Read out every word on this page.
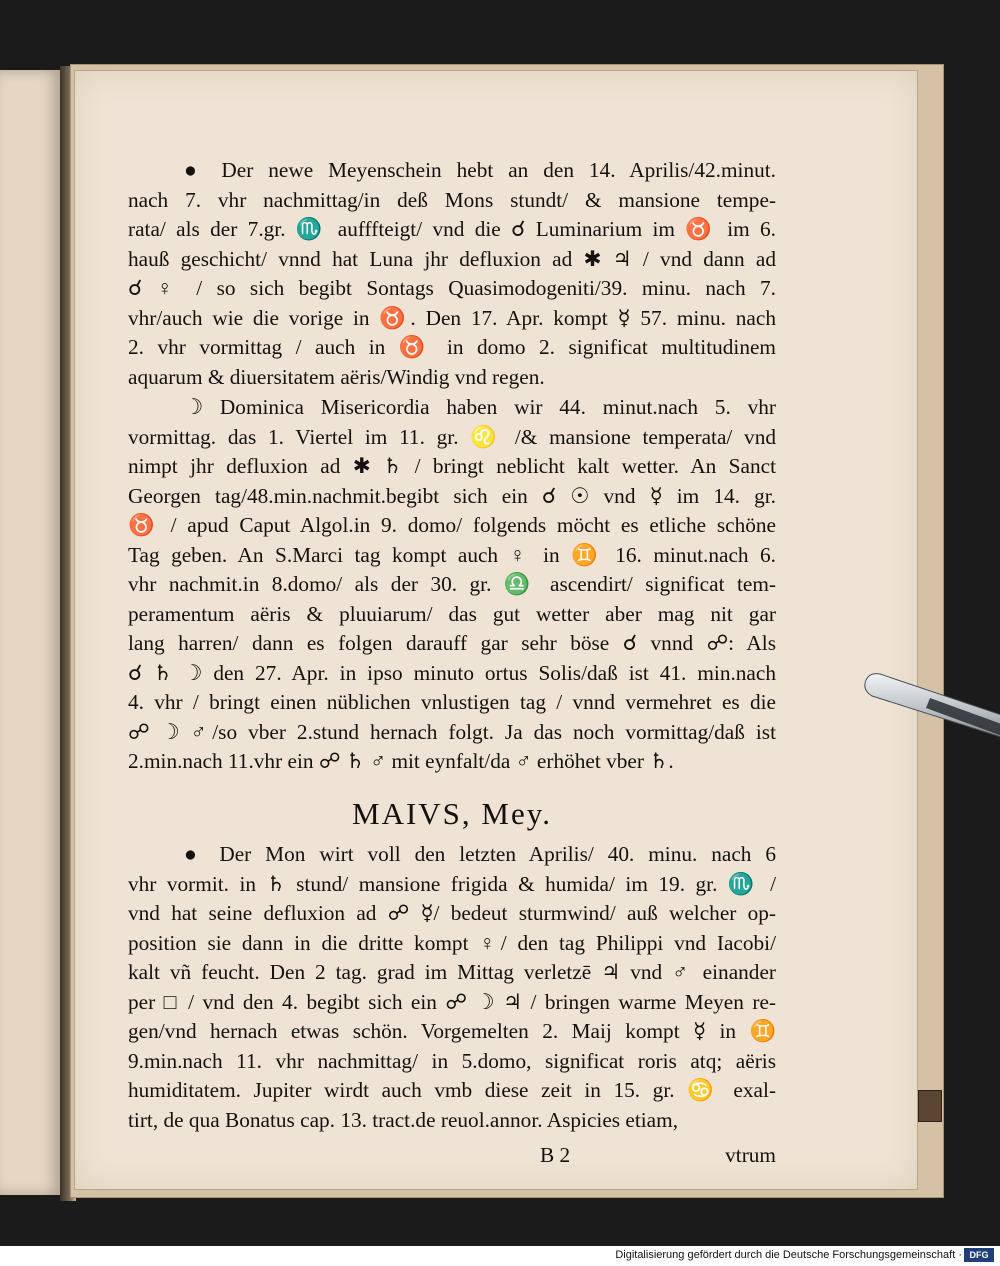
● Der newe Meyenschein hebt an den 14. Aprilis/42.minut.
nach 7. vhr nachmittag/in deß Mons stundt/ & mansione tempe-
rata/ als der 7.gr. ♏ aufffteigt/ vnd die ☌ Luminarium im ♉ im 6.
hauß geschicht/ vnnd hat Luna jhr defluxion ad ✱ ♃ / vnd dann ad
☌ ♀ / so sich begibt Sontags Quasimodogeniti/39. minu. nach 7.
vhr/auch wie die vorige in ♉. Den 17. Apr. kompt ☿ 57. minu. nach
2. vhr vormittag / auch in ♉ in domo 2. significat multitudinem
aquarum & diuersitatem aëris/Windig vnd regen.
☽ Dominica Misericordia haben wir 44. minut.nach 5. vhr
vormittag. das 1. Viertel im 11. gr. ♌ /& mansione temperata/ vnd
nimpt jhr defluxion ad ✱ ♄ / bringt neblicht kalt wetter. An Sanct
Georgen tag/48.min.nachmit.begibt sich ein ☌ ☉ vnd ☿ im 14. gr.
♉ / apud Caput Algol.in 9. domo/ folgends möcht es etliche schöne
Tag geben. An S.Marci tag kompt auch ♀ in ♊ 16. minut.nach 6.
vhr nachmit.in 8.domo/ als der 30. gr. ♎ ascendirt/ significat tem-
peramentum aëris & pluuiarum/ das gut wetter aber mag nit gar
lang harren/ dann es folgen darauff gar sehr böse ☌ vnnd ☍: Als
☌ ♄ ☽ den 27. Apr. in ipso minuto ortus Solis/daß ist 41. min.nach
4. vhr / bringt einen nüblichen vnlustigen tag / vnnd vermehret es die
☍ ☽ ♂/so vber 2.stund hernach folgt. Ja das noch vormittag/daß ist
2.min.nach 11.vhr ein ☍ ♄ ♂ mit eynfalt/da ♂ erhöhet vber ♄.
MAIVS, Mey.
● Der Mon wirt voll den letzten Aprilis/ 40. minu. nach 6
vhr vormit. in ♄ stund/ mansione frigida & humida/ im 19. gr. ♏ /
vnd hat seine defluxion ad ☍ ☿/ bedeut sturmwind/ auß welcher op-
position sie dann in die dritte kompt ♀/ den tag Philippi vnd Iacobi/
kalt vñ feucht. Den 2 tag. grad im Mittag verletzē ♃ vnd ♂ einander
per □ / vnd den 4. begibt sich ein ☍ ☽ ♃ / bringen warme Meyen re-
gen/vnd hernach etwas schön. Vorgemelten 2. Maij kompt ☿ in ♊
9.min.nach 11. vhr nachmittag/ in 5.domo, significat roris atq; aëris
humiditatem. Jupiter wirdt auch vmb diese zeit in 15. gr. ♋ exal-
tirt, de qua Bonatus cap. 13. tract.de reuol.annor. Aspicies etiam,
B 2	vtrum
Digitalisierung gefördert durch die Deutsche Forschungsgemeinschaft · DFG
